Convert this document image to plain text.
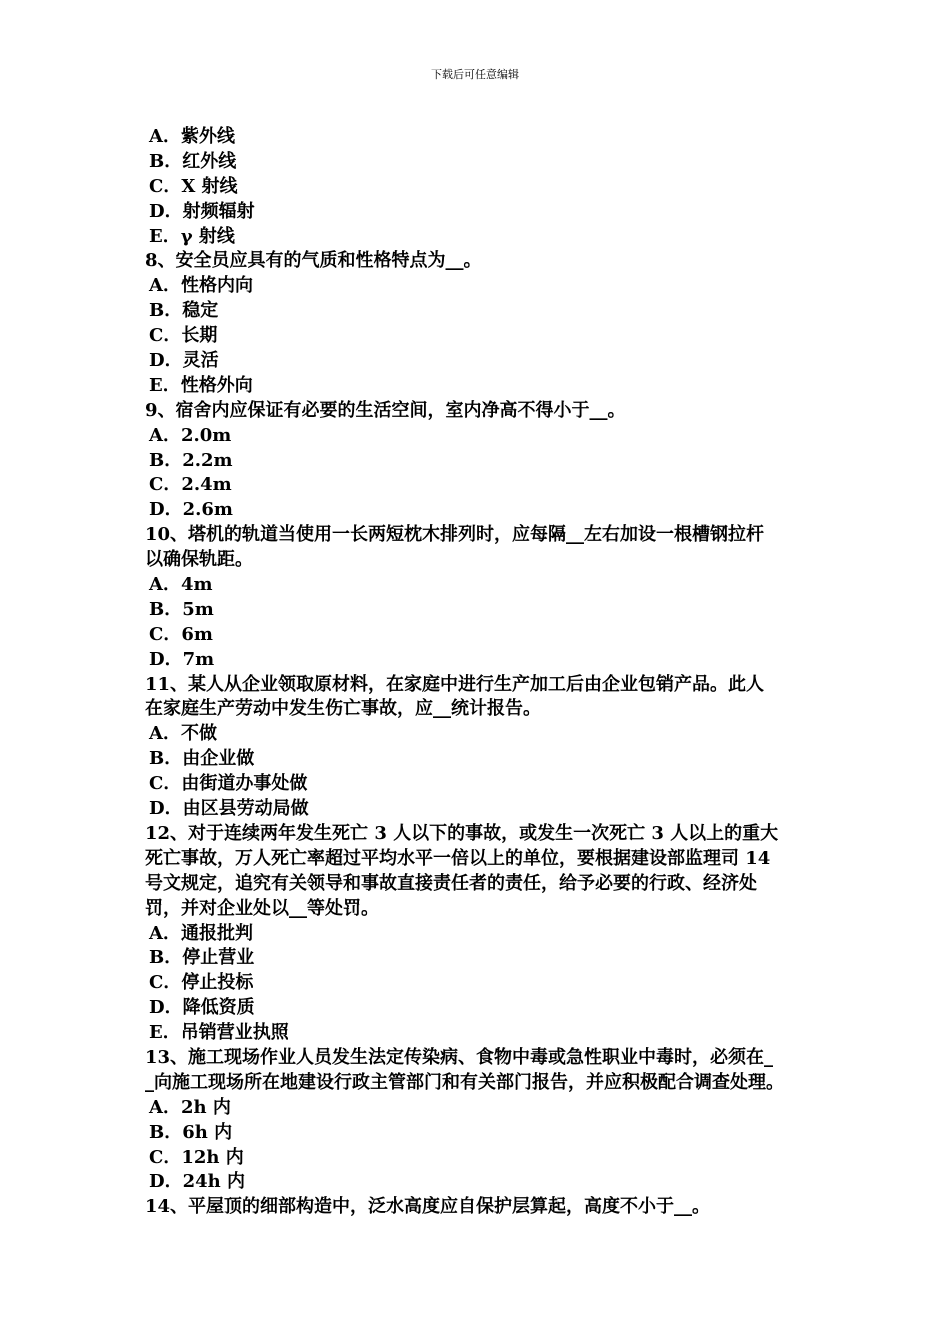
下载后可任意编辑
A．紫外线
B．红外线
C．X 射线
D．射频辐射
E．γ 射线
8、安全员应具有的气质和性格特点为__。
A．性格内向
B．稳定
C．长期
D．灵活
E．性格外向
9、宿舍内应保证有必要的生活空间，室内净高不得小于__。
A．2.0m
B．2.2m
C．2.4m
D．2.6m
10、塔机的轨道当使用一长两短枕木排列时，应每隔__左右加设一根槽钢拉杆
以确保轨距。
A．4m
B．5m
C．6m
D．7m
11、某人从企业领取原材料，在家庭中进行生产加工后由企业包销产品。此人
在家庭生产劳动中发生伤亡事故，应__统计报告。
A．不做
B．由企业做
C．由街道办事处做
D．由区县劳动局做
12、对于连续两年发生死亡 3 人以下的事故，或发生一次死亡 3 人以上的重大
死亡事故，万人死亡率超过平均水平一倍以上的单位，要根据建设部监理司 14
号文规定，追究有关领导和事故直接责任者的责任，给予必要的行政、经济处
罚，并对企业处以__等处罚。
A．通报批判
B．停止营业
C．停止投标
D．降低资质
E．吊销营业执照
13、施工现场作业人员发生法定传染病、食物中毒或急性职业中毒时，必须在_
_向施工现场所在地建设行政主管部门和有关部门报告，并应积极配合调查处理。
A．2h 内
B．6h 内
C．12h 内
D．24h 内
14、平屋顶的细部构造中，泛水高度应自保护层算起，高度不小于__。
